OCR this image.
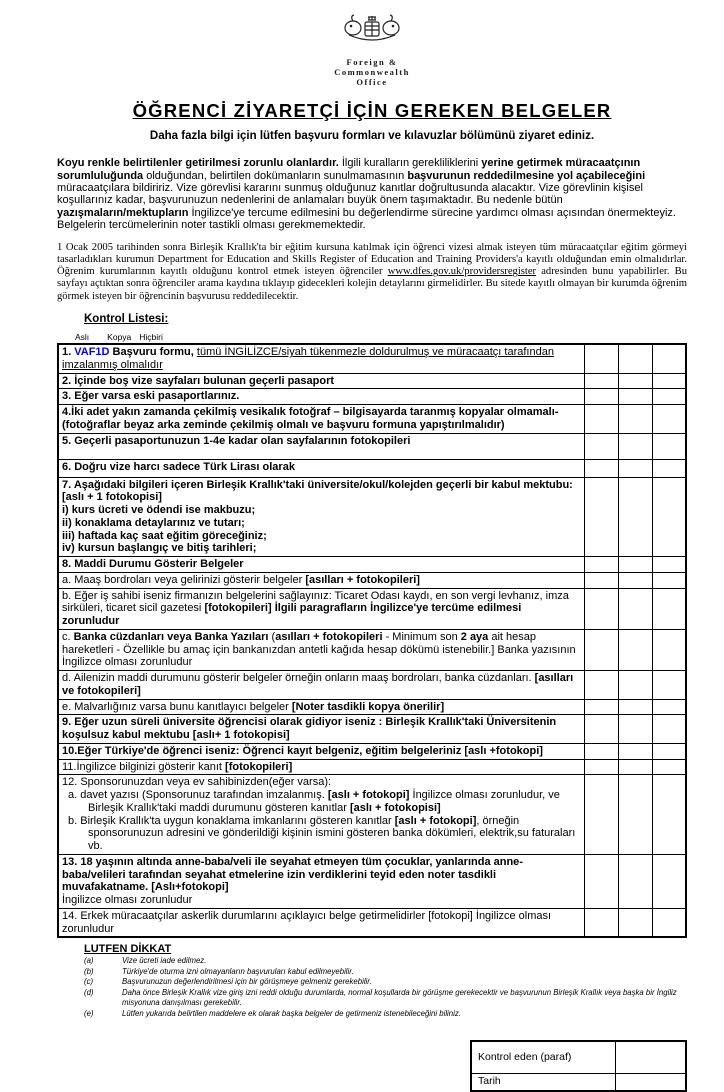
Foreign &
Commonwealth
Office
ÖĞRENCİ ZİYARETÇİ İÇİN GEREKEN BELGELER
Daha fazla bilgi için lütfen başvuru formları ve kılavuzlar bölümünü ziyaret ediniz.

Koyu renkle belirtilenler getirilmesi zorunlu olanlardır. İlgili kuralların gerekliliklerini yerine getirmek müracaatçının sorumluluğunda olduğundan, belirtilen dokümanların sunulmamasının başvurunun reddedilmesine yol açabileceğini müracaatçılara bildiririz. Vize görevlisi kararını sunmuş olduğunuz kanıtlar doğrultusunda alacaktır. Vize görevlinin kişisel koşullarınız kadar, başvurunuzun nedenlerini de anlamaları buyük önem taşımaktadır. Bu nedenle bütün yazışmaların/mektupların İngilizce'ye tercume edilmesini bu değerlendirme sürecine yardımcı olması açısından önermekteyiz. Belgelerin tercümelerinin noter tastikli olması gerekmemektedir.

1 Ocak 2005 tarihinden sonra Birleşik Krallık'ta bir eğitim kursuna katılmak için öğrenci vizesi almak isteyen tüm müracaatçılar eğitim görmeyi tasarladıkları kurumun Department for Education and Skills Register of Education and Training Providers'a kayıtlı olduğundan emin olmalıdırlar. Öğrenim kurumlarının kayıtlı olduğunu kontrol etmek isteyen öğrenciler www.dfes.gov.uk/providersregister adresinden bunu yapabilirler. Bu sayfayı açtıktan sonra öğrenciler arama kaydına tıklayıp gidecekleri kolejin detaylarını girmelidirler. Bu sitede kayıtlı olmayan bir kurumda öğrenim görmek isteyen bir öğrencinin başvurusu reddedilecektir.

Kontrol Listesi:
Aslı Kopya Hiçbiri
1. VAF1D Başvuru formu, tümü İNGİLİZCE/siyah tükenmezle doldurulmuş ve müracaatçı tarafından imzalanmış olmalıdır			

2. İçinde boş vize sayfaları bulunan geçerli pasaport			

3. Eğer varsa eski pasaportlarınız.			

4.İki adet yakın zamanda çekilmiş vesikalık fotoğraf – bilgisayarda taranmış kopyalar olmamalı-
(fotoğraflar beyaz arka zeminde çekilmiş olmalı ve başvuru formuna yapıştırılmalıdır)			

5. Geçerli pasaportunuzun 1-4e kadar olan sayfalarının fotokopileri			

6. Doğru vize harcı sadece Türk Lirası olarak			

7. Aşağıdaki bilgileri içeren Birleşik Krallık'taki üniversite/okul/kolejden geçerli bir kabul mektubu: [aslı + 1 fotokopisi]
i) kurs ücreti ve ödendi ise makbuzu;
ii) konaklama detaylarınız ve tutarı;
iii) haftada kaç saat eğitim göreceğiniz;
iv) kursun başlangıç ve bitiş tarihleri;			

8. Maddi Durumu Gösterir Belgeler			

a. Maaş bordroları veya gelirinizi gösterir belgeler [asılları + fotokopileri]			

b. Eğer iş sahibi iseniz firmanızın belgelerini sağlayınız: Ticaret Odası kaydı, en son vergi levhanız, imza sirküleri, ticaret sicil gazetesi [fotokopileri] İlgili paragrafların İngilizce'ye tercüme edilmesi zorunludur			

c. Banka cüzdanları veya Banka Yazıları (asılları + fotokopileri - Minimum son 2 aya ait hesap hareketleri - Özellikle bu amaç için bankanızdan antetli kağıda hesap dökümü istenebilir.] Banka yazısının İngilizce olması zorunludur			

d. Ailenizin maddi durumunu gösterir belgeler örneğin onların maaş bordroları, banka cüzdanları. [asılları ve fotokopileri]			

e. Malvarlığınız varsa bunu kanıtlayıcı belgeler [Noter tasdikli kopya önerilir]			

9. Eğer uzun süreli üniversite öğrencisi olarak gidiyor iseniz : Birleşik Krallık'taki Üniversitenin koşulsuz kabul mektubu [aslı+ 1 fotokopisi]			

10.Eğer Türkiye'de öğrenci iseniz: Öğrenci kayıt belgeniz, eğitim belgeleriniz [aslı +fotokopi]			

11.İngilizce bilginizi gösterir kanıt [fotokopileri]			

12. Sponsorunuzdan veya ev sahibinizden(eğer varsa):
a. davet yazısı (Sponsorunuz tarafından imzalanmış. [aslı + fotokopi] İngilizce olması zorunludur, ve Birleşik Krallık'taki maddi durumunu gösteren kanıtlar [aslı + fotokopisi]
b. Birleşik Krallık'ta uygun konaklama imkanlarını gösteren kanıtlar [aslı + fotokopi], örneğin sponsorunuzun adresini ve gönderildiği kişinin ismini gösteren banka dökümleri, elektrik,su faturaları vb.			

13. 18 yaşının altında anne-baba/veli ile seyahat etmeyen tüm çocuklar, yanlarında anne-baba/velileri tarafından seyahat etmelerine izin verdiklerini teyid eden noter tasdikli muvafakatname. [Aslı+fotokopi]
İngilizce olması zorunludur			

14. Erkek müracaatçılar askerlik durumlarını açıklayıcı belge getirmelidirler [fotokopi] İngilizce olması zorunludur			

LUTFEN DİKKAT
(a)	Vize ücreti iade edilmez.
(b)	Türkiye'de oturma izni olmayanların başvuruları kabul edilmeyebilir.
(c)	Başvurunuzun değerlendirilmesi için bir görüşmeye gelmeniz gerekebilir.
(d)	Daha önce Birleşik Krallık vize giriş izni reddi olduğu durumlarda, normal koşullarda bir görüşme gerekecektir ve başvurunun Birleşik Krallık veya başka bir İngiliz misyonuna danışılması gerekebilir.
(e)	Lütfen yukarıda belirtilen maddelere ek olarak başka belgeler de getirmeniz istenebileceğini biliniz.
Kontrol eden (paraf)	
Tarih	
